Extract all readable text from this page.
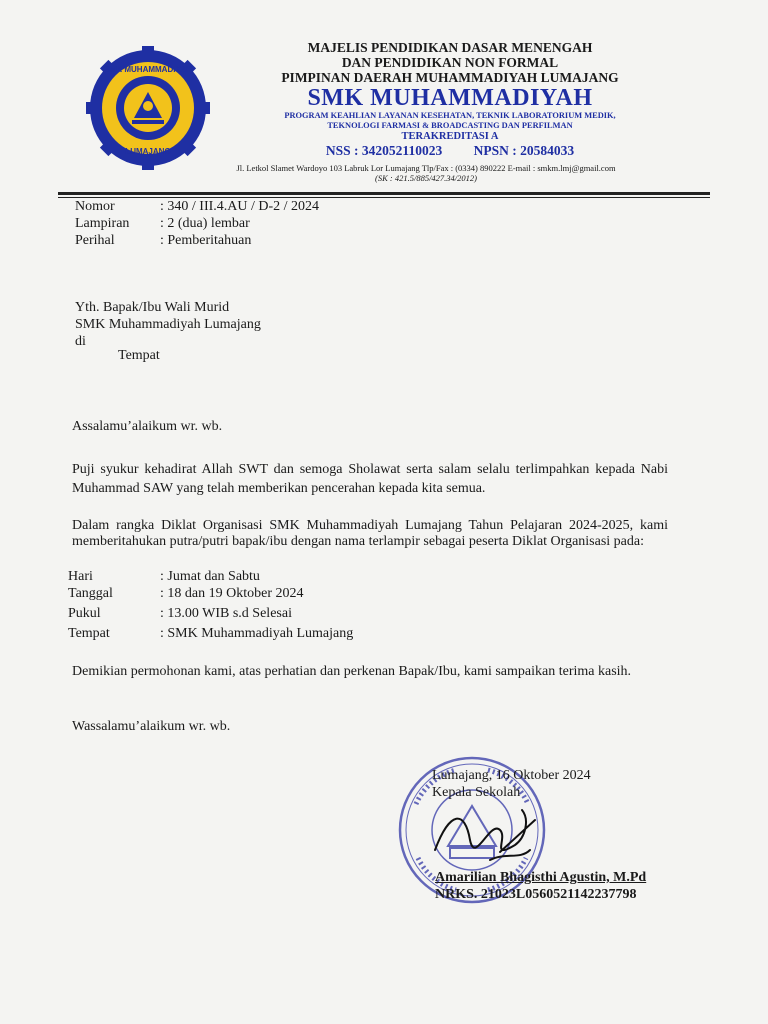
SMK MUHAMMADIYAH
LUMAJANG
MAJELIS PENDIDIKAN DASAR MENENGAH
DAN PENDIDIKAN NON FORMAL
PIMPINAN DAERAH MUHAMMADIYAH LUMAJANG
SMK MUHAMMADIYAH
PROGRAM KEAHLIAN LAYANAN KESEHATAN, TEKNIK LABORATORIUM MEDIK,
TEKNOLOGI FARMASI & BROADCASTING DAN PERFILMAN
TERAKREDITASI A
NSS : 342052110023 NPSN : 20584033
Jl. Letkol Slamet Wardoyo 103 Labruk Lor Lumajang Tlp/Fax : (0334) 890222 E-mail : smkm.lmj@gmail.com
(SK : 421.5/885/427.34/2012)
Nomor	: 340 / III.4.AU / D-2 / 2024
Lampiran : 2 (dua) lembar
Perihal	: Pemberitahuan
Yth. Bapak/Ibu Wali Murid
SMK Muhammadiyah Lumajang
di
Tempat
Assalamu’alaikum wr. wb.
Puji syukur kehadirat Allah SWT dan semoga Sholawat serta salam selalu terlimpahkan kepada Nabi Muhammad SAW yang telah memberikan pencerahan kepada kita semua.
Dalam rangka Diklat Organisasi SMK Muhammadiyah Lumajang Tahun Pelajaran 2024-2025, kami memberitahukan putra/putri bapak/ibu dengan nama terlampir sebagai peserta Diklat Organisasi pada:
Hari	: Jumat dan Sabtu
Tanggal	: 18 dan 19 Oktober 2024
Pukul	: 13.00 WIB s.d Selesai
Tempat	: SMK Muhammadiyah Lumajang
Demikian permohonan kami, atas perhatian dan perkenan Bapak/Ibu, kami sampaikan terima kasih.
Wassalamu’alaikum wr. wb.
Lumajang, 16 Oktober 2024
Kepala Sekolah
Amarilian Bhagisthi Agustin, M.Pd
NRKS. 21023L0560521142237798
